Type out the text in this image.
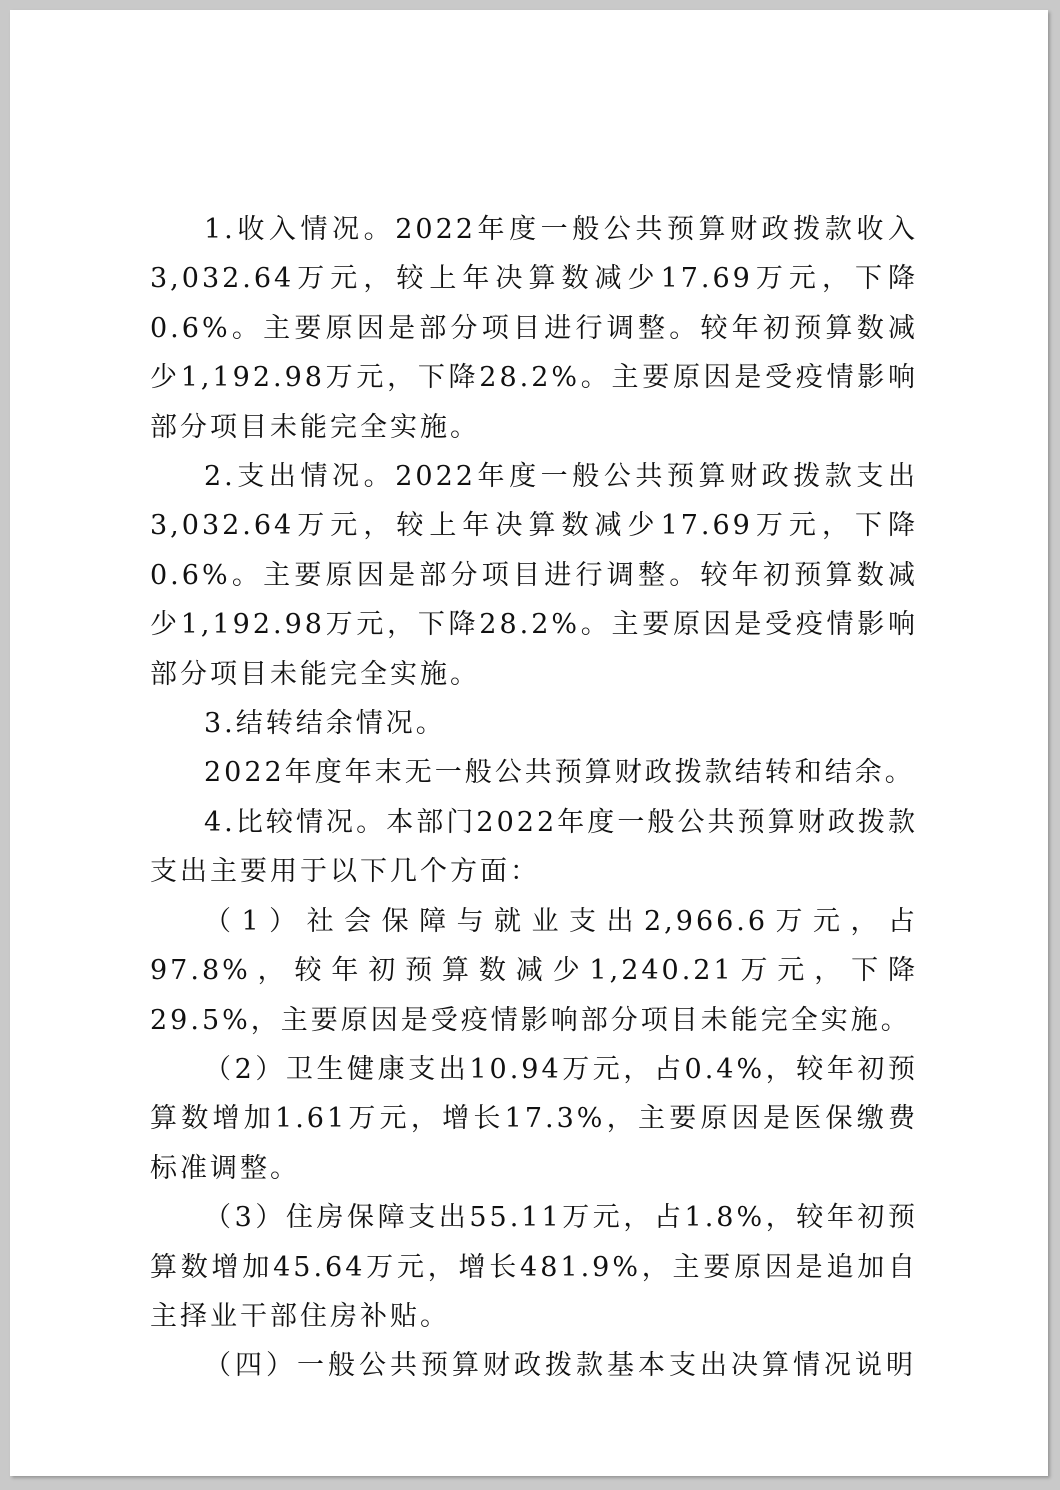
1.收入情况。2022年度一般公共预算财政拨款收入3,032.64万元，较上年决算数减少17.69万元，下降0.6%。主要原因是部分项目进行调整。较年初预算数减少1,192.98万元，下降28.2%。主要原因是受疫情影响部分项目未能完全实施。

2.支出情况。2022年度一般公共预算财政拨款支出3,032.64万元，较上年决算数减少17.69万元，下降0.6%。主要原因是部分项目进行调整。较年初预算数减少1,192.98万元，下降28.2%。主要原因是受疫情影响部分项目未能完全实施。

3.结转结余情况。

2022年度年末无一般公共预算财政拨款结转和结余。

4.比较情况。本部门2022年度一般公共预算财政拨款支出主要用于以下几个方面：

（1）社会保障与就业支出2,966.6万元，占97.8%，较年初预算数减少1,240.21万元，下降29.5%，主要原因是受疫情影响部分项目未能完全实施。

（2）卫生健康支出10.94万元，占0.4%，较年初预算数增加1.61万元，增长17.3%，主要原因是医保缴费标准调整。

（3）住房保障支出55.11万元，占1.8%，较年初预算数增加45.64万元，增长481.9%，主要原因是追加自主择业干部住房补贴。

（四）一般公共预算财政拨款基本支出决算情况说明
